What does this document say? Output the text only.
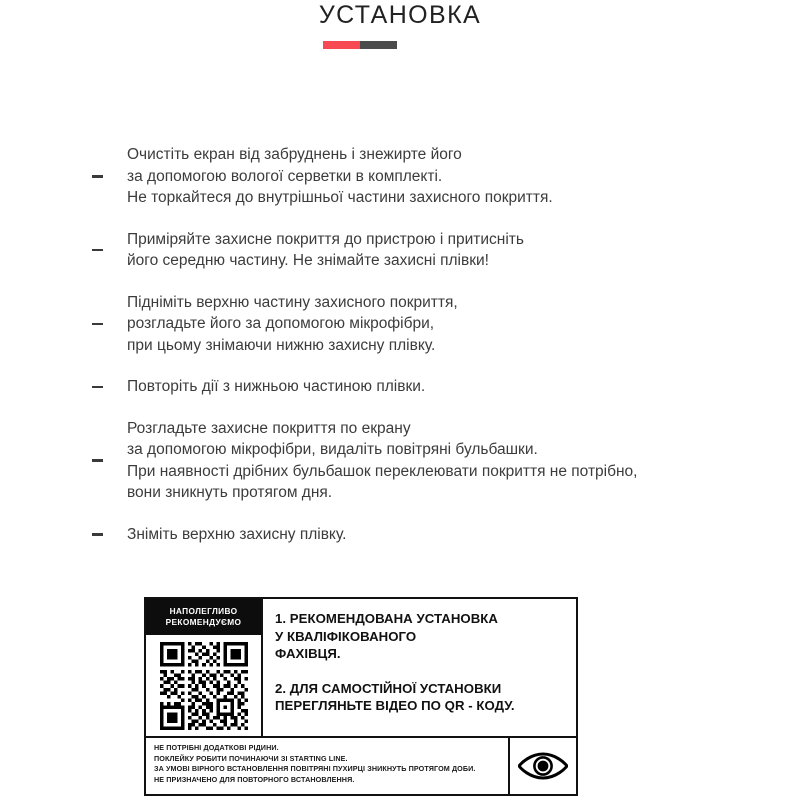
УСТАНОВКА
Очистіть екран від забруднень і знежирте його
за допомогою вологої серветки в комплекті.
Не торкайтеся до внутрішньої частини захисного покриття.
Приміряйте захисне покриття до пристрою і притисніть
його середню частину. Не знімайте захисні плівки!
Підніміть верхню частину захисного покриття,
розгладьте його за допомогою мікрофібри,
при цьому знімаючи нижню захисну плівку.
Повторіть дії з нижньою частиною плівки.
Розгладьте захисне покриття по екрану
за допомогою мікрофібри, видаліть повітряні бульбашки.
При наявності дрібних бульбашок переклеювати покриття не потрібно,
вони зникнуть протягом дня.
Зніміть верхню захисну плівку.
НАПОЛЕГЛИВО
РЕКОМЕНДУЄМО	1. РЕКОМЕНДОВАНА УСТАНОВКА
У КВАЛІФІКОВАНОГО
ФАХІВЦЯ.
2. ДЛЯ САМОСТІЙНОЇ УСТАНОВКИ
ПЕРЕГЛЯНЬТЕ ВІДЕО ПО QR - КОДУ.
НЕ ПОТРІБНІ ДОДАТКОВІ РІДИНИ.
ПОКЛЕЙКУ РОБИТИ ПОЧИНАЮЧИ ЗІ STARTING LINE.
ЗА УМОВІ ВІРНОГО ВСТАНОВЛЕННЯ ПОВІТРЯНІ ПУХИРЦІ ЗНИКНУТЬ ПРОТЯГОМ ДОБИ.
НЕ ПРИЗНАЧЕНО ДЛЯ ПОВТОРНОГО ВСТАНОВЛЕННЯ.
